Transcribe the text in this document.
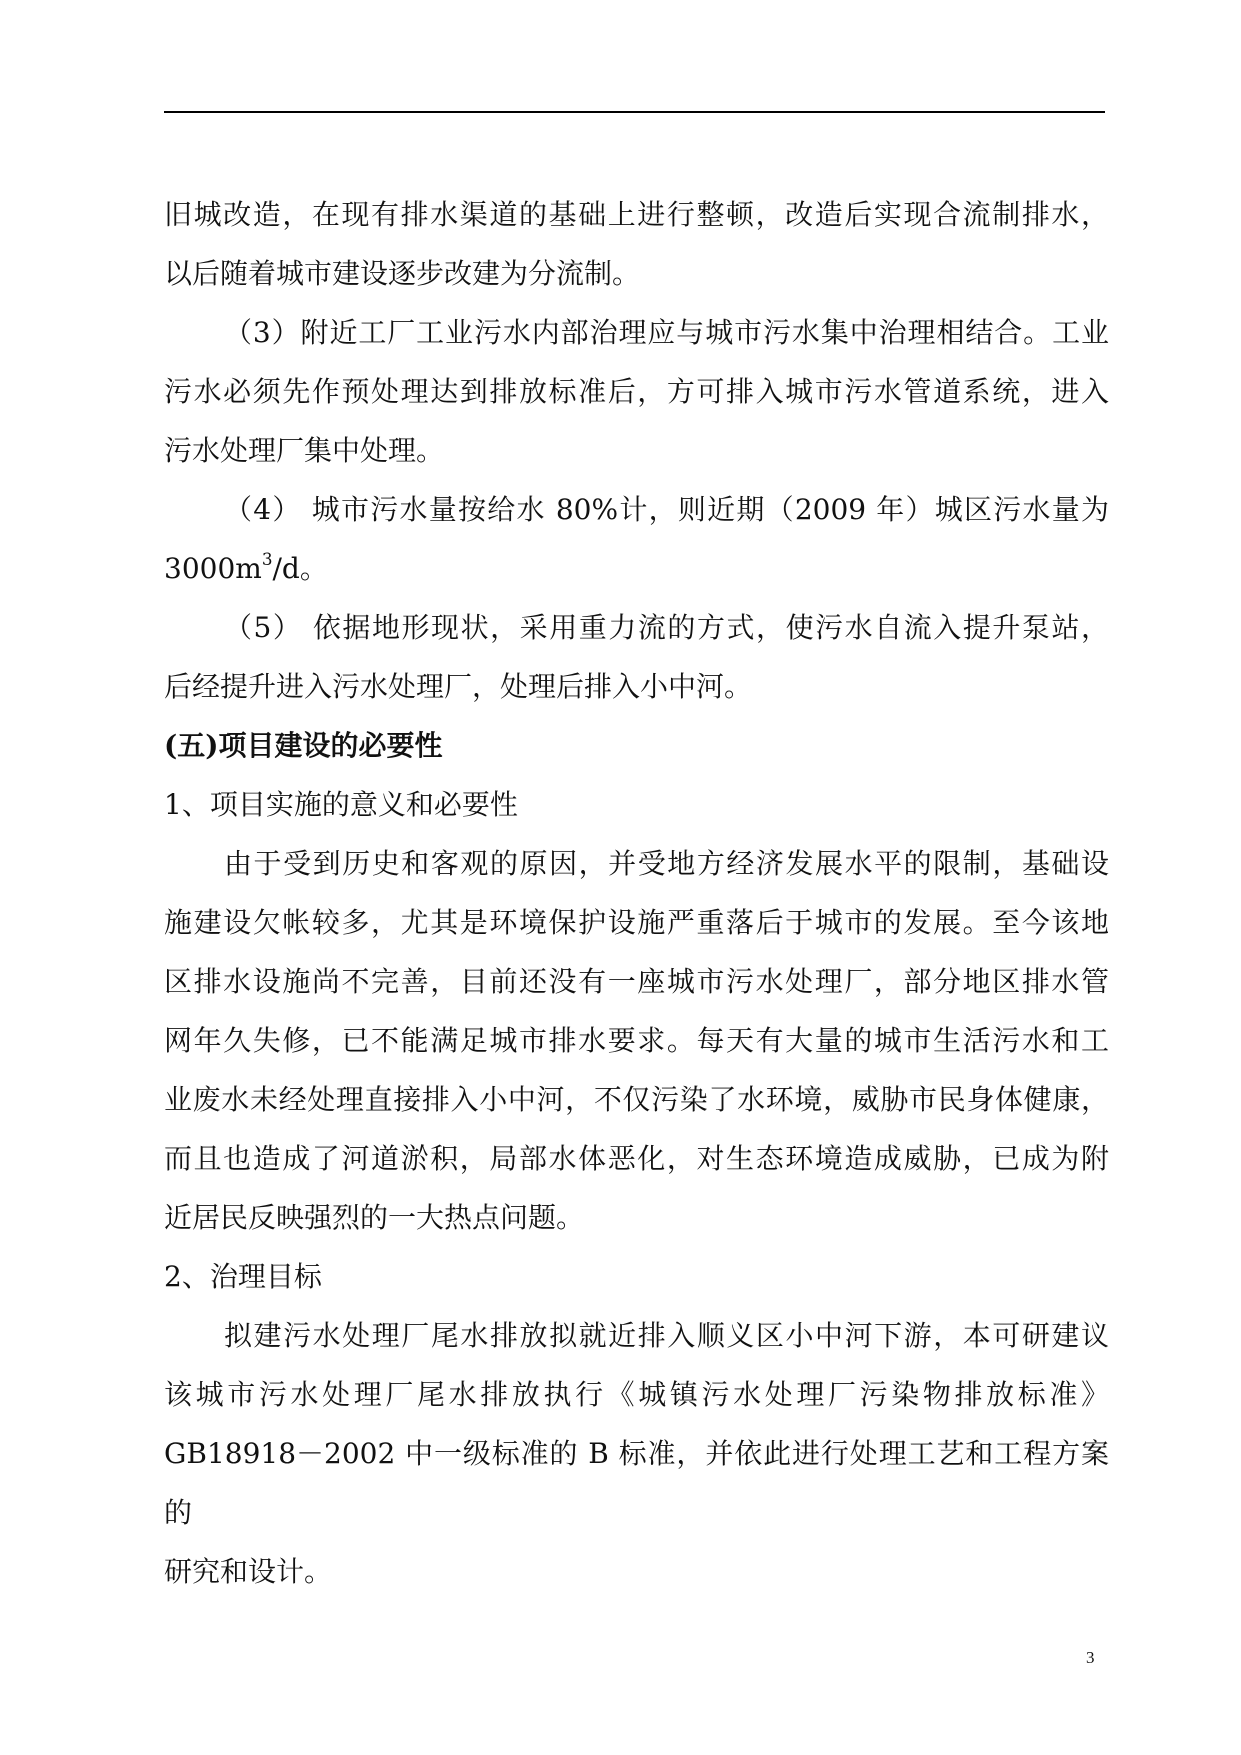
旧城改造，在现有排水渠道的基础上进行整顿，改造后实现合流制排水，
以后随着城市建设逐步改建为分流制。

（3）附近工厂工业污水内部治理应与城市污水集中治理相结合。工业
污水必须先作预处理达到排放标准后，方可排入城市污水管道系统，进入
污水处理厂集中处理。

（4） 城市污水量按给水 80%计，则近期（2009 年）城区污水量为
$3000m^3/d$。

（5） 依据地形现状，采用重力流的方式，使污水自流入提升泵站，
后经提升进入污水处理厂，处理后排入小中河。

(五)项目建设的必要性

1、项目实施的意义和必要性

由于受到历史和客观的原因，并受地方经济发展水平的限制，基础设
施建设欠帐较多，尤其是环境保护设施严重落后于城市的发展。至今该地
区排水设施尚不完善，目前还没有一座城市污水处理厂，部分地区排水管
网年久失修，已不能满足城市排水要求。每天有大量的城市生活污水和工
业废水未经处理直接排入小中河，不仅污染了水环境，威胁市民身体健康，
而且也造成了河道淤积，局部水体恶化，对生态环境造成威胁，已成为附
近居民反映强烈的一大热点问题。

2、治理目标

拟建污水处理厂尾水排放拟就近排入顺义区小中河下游，本可研建议
该城市污水处理厂尾水排放执行《城镇污水处理厂污染物排放标准》
GB18918－2002 中一级标准的 B 标准，并依此进行处理工艺和工程方案的
研究和设计。

3
